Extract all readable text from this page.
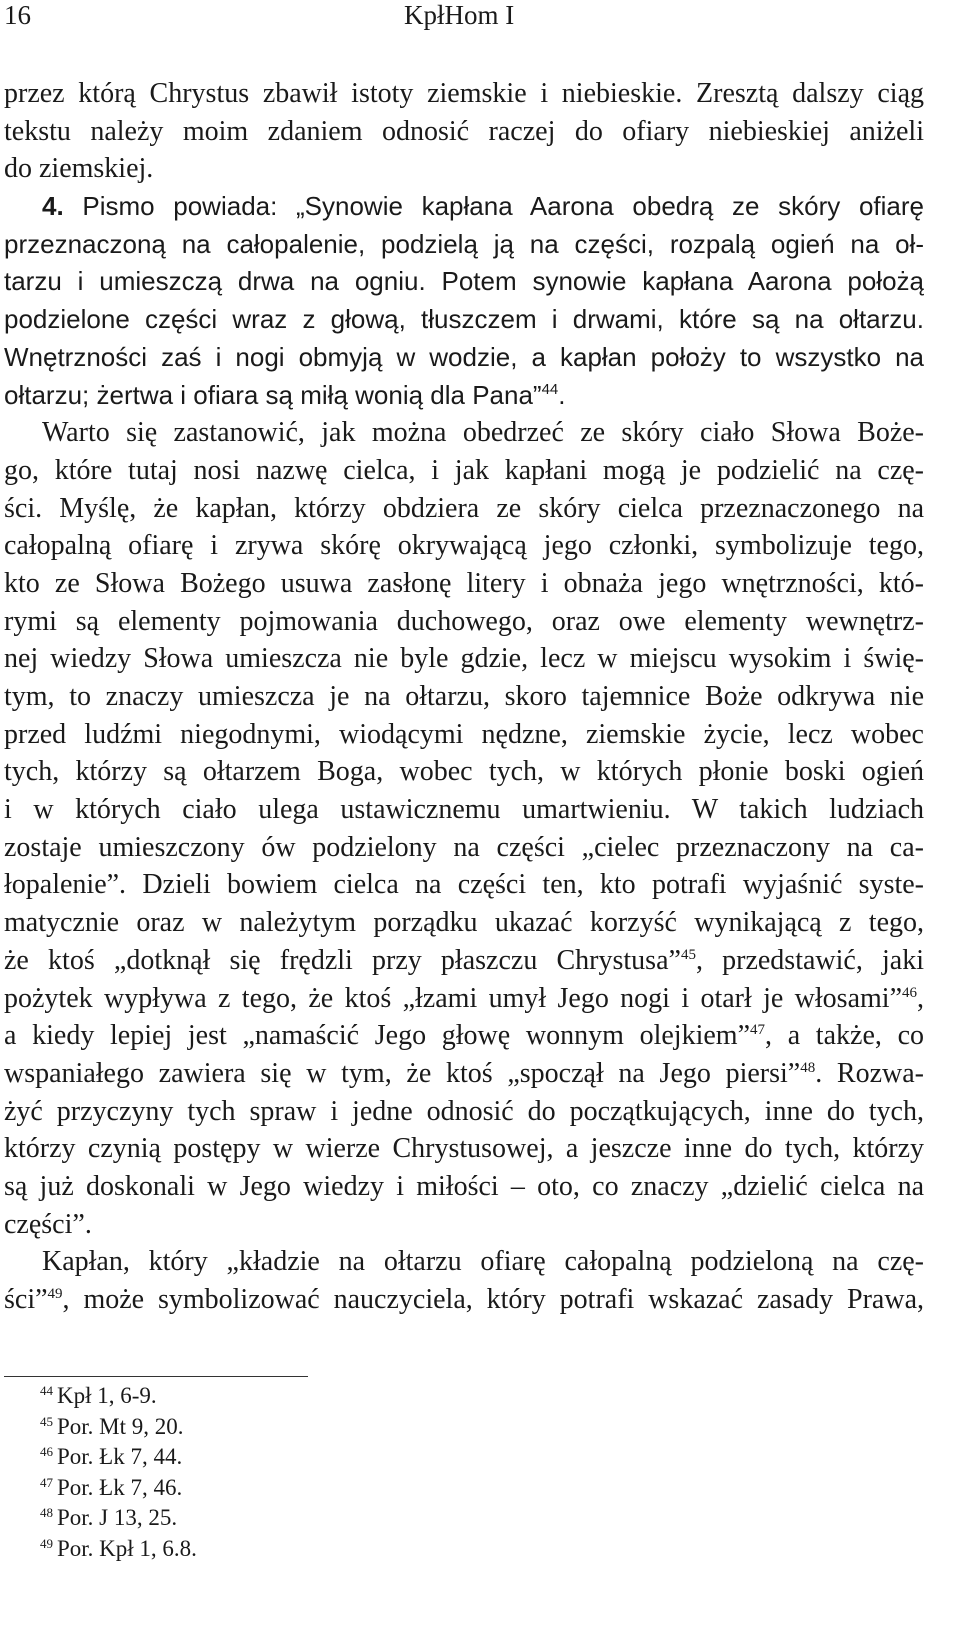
16	KpłHom I
przez którą Chrystus zbawił istoty ziemskie i niebieskie. Zresztą dalszy ciąg
tekstu należy moim zdaniem odnosić raczej do ofiary niebieskiej aniżeli
do ziemskiej.
4. Pismo powiada: „Synowie kapłana Aarona obedrą ze skóry ofiarę
przeznaczoną na całopalenie, podzielą ją na części, rozpalą ogień na oł-
tarzu i umieszczą drwa na ogniu. Potem synowie kapłana Aarona położą
podzielone części wraz z głową, tłuszczem i drwami, które są na ołtarzu.
Wnętrzności zaś i nogi obmyją w wodzie, a kapłan położy to wszystko na
ołtarzu; żertwa i ofiara są miłą wonią dla Pana”$^{44}$.
Warto się zastanowić, jak można obedrzeć ze skóry ciało Słowa Boże-
go, które tutaj nosi nazwę cielca, i jak kapłani mogą je podzielić na czę-
ści. Myślę, że kapłan, którzy obdziera ze skóry cielca przeznaczonego na
całopalną ofiarę i zrywa skórę okrywającą jego członki, symbolizuje tego,
kto ze Słowa Bożego usuwa zasłonę litery i obnaża jego wnętrzności, któ-
rymi są elementy pojmowania duchowego, oraz owe elementy wewnętrz-
nej wiedzy Słowa umieszcza nie byle gdzie, lecz w miejscu wysokim i świę-
tym, to znaczy umieszcza je na ołtarzu, skoro tajemnice Boże odkrywa nie
przed ludźmi niegodnymi, wiodącymi nędzne, ziemskie życie, lecz wobec
tych, którzy są ołtarzem Boga, wobec tych, w których płonie boski ogień
i w których ciało ulega ustawicznemu umartwieniu. W takich ludziach
zostaje umieszczony ów podzielony na części „cielec przeznaczony na ca-
łopalenie”. Dzieli bowiem cielca na części ten, kto potrafi wyjaśnić syste-
matycznie oraz w należytym porządku ukazać korzyść wynikającą z tego,
że ktoś „dotknął się frędzli przy płaszczu Chrystusa”$^{45}$, przedstawić, jaki
pożytek wypływa z tego, że ktoś „łzami umył Jego nogi i otarł je włosami”$^{46}$,
a kiedy lepiej jest „namaścić Jego głowę wonnym olejkiem”$^{47}$, a także, co
wspaniałego zawiera się w tym, że ktoś „spoczął na Jego piersi”$^{48}$. Rozwa-
żyć przyczyny tych spraw i jedne odnosić do początkujących, inne do tych,
którzy czynią postępy w wierze Chrystusowej, a jeszcze inne do tych, którzy
są już doskonali w Jego wiedzy i miłości – oto, co znaczy „dzielić cielca na
części”.
Kapłan, który „kładzie na ołtarzu ofiarę całopalną podzieloną na czę-
ści”$^{49}$, może symbolizować nauczyciela, który potrafi wskazać zasady Prawa,
$^{44}$ Kpł 1, 6-9.
$^{45}$ Por. Mt 9, 20.
$^{46}$ Por. Łk 7, 44.
$^{47}$ Por. Łk 7, 46.
$^{48}$ Por. J 13, 25.
$^{49}$ Por. Kpł 1, 6.8.
